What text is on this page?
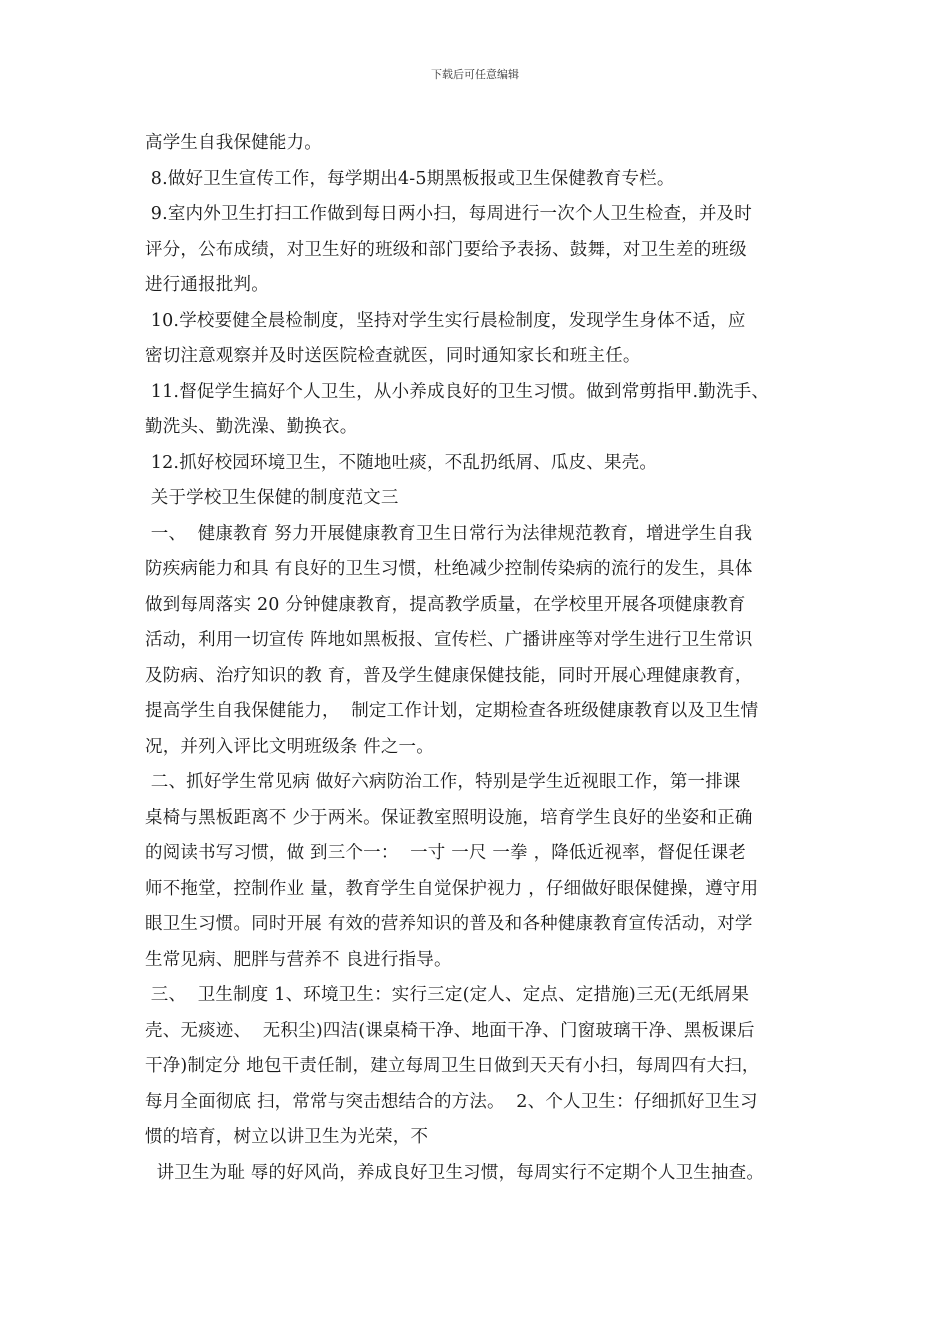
下载后可任意编辑
高学生自我保健能力。
8.做好卫生宣传工作，每学期出4-5期黑板报或卫生保健教育专栏。
9.室内外卫生打扫工作做到每日两小扫，每周进行一次个人卫生检查，并及时
评分，公布成绩，对卫生好的班级和部门要给予表扬、鼓舞，对卫生差的班级
进行通报批判。
10.学校要健全晨检制度，坚持对学生实行晨检制度，发现学生身体不适，应
密切注意观察并及时送医院检查就医，同时通知家长和班主任。
11.督促学生搞好个人卫生，从小养成良好的卫生习惯。做到常剪指甲.勤洗手、
勤洗头、勤洗澡、勤换衣。
12.抓好校园环境卫生，不随地吐痰，不乱扔纸屑、瓜皮、果壳。
关于学校卫生保健的制度范文三
一、  健康教育 努力开展健康教育卫生日常行为法律规范教育，增进学生自我
防疾病能力和具 有良好的卫生习惯，杜绝减少控制传染病的流行的发生，具体
做到每周落实 20 分钟健康教育，提高教学质量，在学校里开展各项健康教育
活动，利用一切宣传 阵地如黑板报、宣传栏、广播讲座等对学生进行卫生常识
及防病、治疗知识的教 育，普及学生健康保健技能，同时开展心理健康教育，
提高学生自我保健能力，  制定工作计划，定期检查各班级健康教育以及卫生情
况，并列入评比文明班级条 件之一。
二、抓好学生常见病 做好六病防治工作，特别是学生近视眼工作，第一排课
桌椅与黑板距离不 少于两米。保证教室照明设施，培育学生良好的坐姿和正确
的阅读书写习惯，做 到三个一：  一寸 一尺 一拳 ，降低近视率，督促任课老
师不拖堂，控制作业 量，教育学生自觉保护视力 ，仔细做好眼保健操，遵守用
眼卫生习惯。同时开展 有效的营养知识的普及和各种健康教育宣传活动，对学
生常见病、肥胖与营养不 良进行指导。
三、  卫生制度 1、环境卫生：实行三定(定人、定点、定措施)三无(无纸屑果
壳、无痰迹、  无积尘)四洁(课桌椅干净、地面干净、门窗玻璃干净、黑板课后
干净)制定分 地包干责任制，建立每周卫生日做到天天有小扫，每周四有大扫，
每月全面彻底 扫，常常与突击想结合的方法。  2、个人卫生：仔细抓好卫生习
惯的培育，树立以讲卫生为光荣，不
讲卫生为耻 辱的好风尚，养成良好卫生习惯，每周实行不定期个人卫生抽查。
